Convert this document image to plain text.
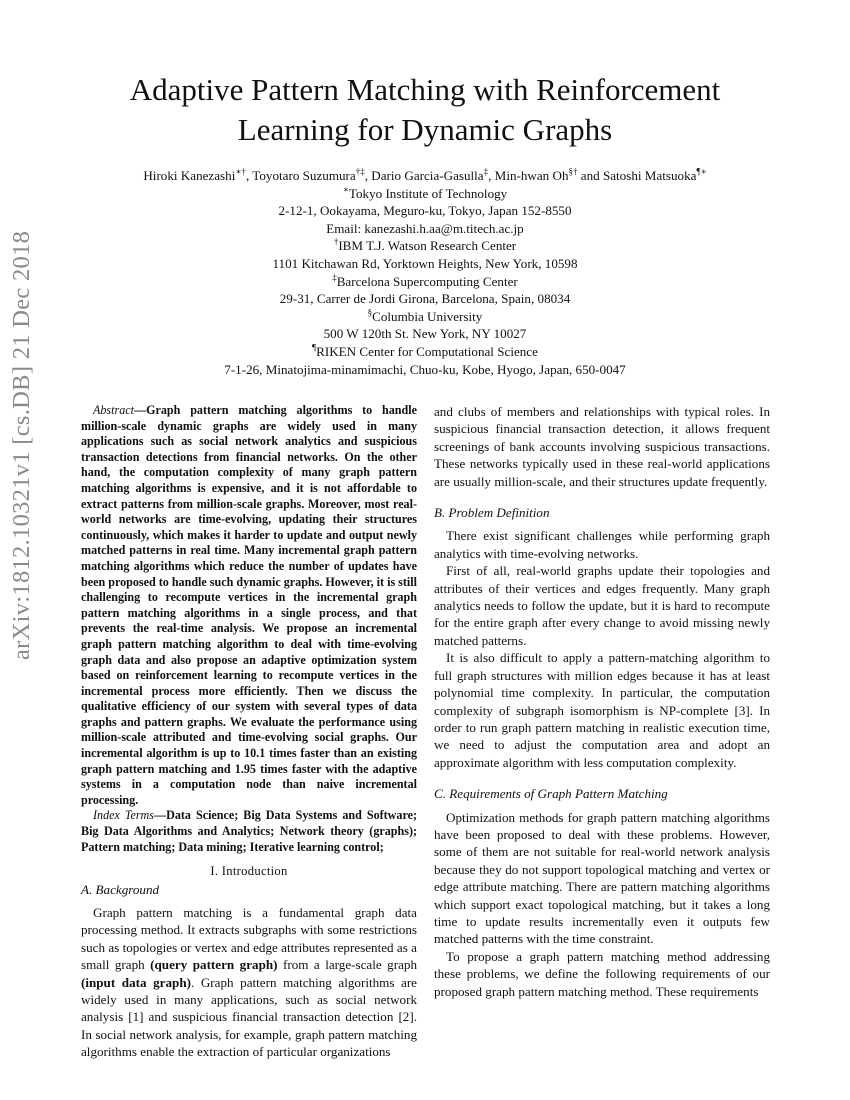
arXiv:1812.10321v1 [cs.DB] 21 Dec 2018
Adaptive Pattern Matching with Reinforcement
Learning for Dynamic Graphs
Hiroki Kanezashi∗†, Toyotaro Suzumura†‡, Dario Garcia-Gasulla‡, Min-hwan Oh§† and Satoshi Matsuoka¶∗
∗Tokyo Institute of Technology
2-12-1, Ookayama, Meguro-ku, Tokyo, Japan 152-8550
Email: kanezashi.h.aa@m.titech.ac.jp
†IBM T.J. Watson Research Center
1101 Kitchawan Rd, Yorktown Heights, New York, 10598
‡Barcelona Supercomputing Center
29-31, Carrer de Jordi Girona, Barcelona, Spain, 08034
§Columbia University
500 W 120th St. New York, NY 10027
¶RIKEN Center for Computational Science
7-1-26, Minatojima-minamimachi, Chuo-ku, Kobe, Hyogo, Japan, 650-0047
Abstract—Graph pattern matching algorithms to handle million-scale dynamic graphs are widely used in many applications such as social network analytics and suspicious transaction detections from financial networks. On the other hand, the computation complexity of many graph pattern matching algorithms is expensive, and it is not affordable to extract patterns from million-scale graphs. Moreover, most real-world networks are time-evolving, updating their structures continuously, which makes it harder to update and output newly matched patterns in real time. Many incremental graph pattern matching algorithms which reduce the number of updates have been proposed to handle such dynamic graphs. However, it is still challenging to recompute vertices in the incremental graph pattern matching algorithms in a single process, and that prevents the real-time analysis. We propose an incremental graph pattern matching algorithm to deal with time-evolving graph data and also propose an adaptive optimization system based on reinforcement learning to recompute vertices in the incremental process more efficiently. Then we discuss the qualitative efficiency of our system with several types of data graphs and pattern graphs. We evaluate the performance using million-scale attributed and time-evolving social graphs. Our incremental algorithm is up to 10.1 times faster than an existing graph pattern matching and 1.95 times faster with the adaptive systems in a computation node than naive incremental processing.
Index Terms—Data Science; Big Data Systems and Software; Big Data Algorithms and Analytics; Network theory (graphs); Pattern matching; Data mining; Iterative learning control;
I. Introduction
A. Background

Graph pattern matching is a fundamental graph data processing method. It extracts subgraphs with some restrictions such as topologies or vertex and edge attributes represented as a small graph (query pattern graph) from a large-scale graph (input data graph). Graph pattern matching algorithms are widely used in many applications, such as social network analysis [1] and suspicious financial transaction detection [2]. In social network analysis, for example, graph pattern matching algorithms enable the extraction of particular organizations

and clubs of members and relationships with typical roles. In suspicious financial transaction detection, it allows frequent screenings of bank accounts involving suspicious transactions. These networks typically used in these real-world applications are usually million-scale, and their structures update frequently.

B. Problem Definition

There exist significant challenges while performing graph analytics with time-evolving networks.

First of all, real-world graphs update their topologies and attributes of their vertices and edges frequently. Many graph analytics needs to follow the update, but it is hard to recompute for the entire graph after every change to avoid missing newly matched patterns.

It is also difficult to apply a pattern-matching algorithm to full graph structures with million edges because it has at least polynomial time complexity. In particular, the computation complexity of subgraph isomorphism is NP-complete [3]. In order to run graph pattern matching in realistic execution time, we need to adjust the computation area and adopt an approximate algorithm with less computation complexity.

C. Requirements of Graph Pattern Matching

Optimization methods for graph pattern matching algorithms have been proposed to deal with these problems. However, some of them are not suitable for real-world network analysis because they do not support topological matching and vertex or edge attribute matching. There are pattern matching algorithms which support exact topological matching, but it takes a long time to update results incrementally even it outputs few matched patterns with the time constraint.

To propose a graph pattern matching method addressing these problems, we define the following requirements of our proposed graph pattern matching method. These requirements
